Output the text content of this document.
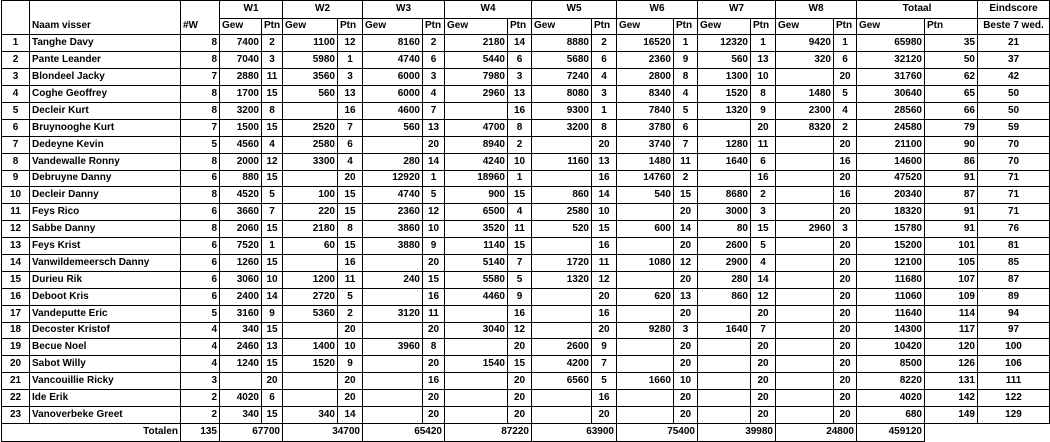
			W1		W2		W3		W4		W5		W6		W7		W8		Totaal		Eindscore
	Naam visser	#W	Gew	Ptn	Gew	Ptn	Gew	Ptn	Gew	Ptn	Gew	Ptn	Gew	Ptn	Gew	Ptn	Gew	Ptn	Gew	Ptn	Beste 7 wed.
1	Tanghe Davy	8	7400	2	1100	12	8160	2	2180	14	8880	2	16520	1	12320	1	9420	1	65980	35	21
2	Pante Leander	8	7040	3	5980	1	4740	6	5440	6	5680	6	2360	9	560	13	320	6	32120	50	37
3	Blondeel Jacky	7	2880	11	3560	3	6000	3	7980	3	7240	4	2800	8	1300	10		20	31760	62	42
4	Coghe Geoffrey	8	1700	15	560	13	6000	4	2960	13	8080	3	8340	4	1520	8	1480	5	30640	65	50
5	Decleir Kurt	8	3200	8		16	4600	7		16	9300	1	7840	5	1320	9	2300	4	28560	66	50
6	Bruynooghe Kurt	7	1500	15	2520	7	560	13	4700	8	3200	8	3780	6		20	8320	2	24580	79	59
7	Dedeyne Kevin	5	4560	4	2580	6		20	8940	2		20	3740	7	1280	11		20	21100	90	70
8	Vandewalle Ronny	8	2000	12	3300	4	280	14	4240	10	1160	13	1480	11	1640	6		16	14600	86	70
9	Debruyne Danny	6	880	15		20	12920	1	18960	1		16	14760	2		16		20	47520	91	71
10	Decleir Danny	8	4520	5	100	15	4740	5	900	15	860	14	540	15	8680	2		16	20340	87	71
11	Feys Rico	6	3660	7	220	15	2360	12	6500	4	2580	10		20	3000	3		20	18320	91	71
12	Sabbe Danny	8	2060	15	2180	8	3860	10	3520	11	520	15	600	14	80	15	2960	3	15780	91	76
13	Feys Krist	6	7520	1	60	15	3880	9	1140	15		16		20	2600	5		20	15200	101	81
14	Vanwildemeersch Danny	6	1260	15		16		20	5140	7	1720	11	1080	12	2900	4		20	12100	105	85
15	Durieu Rik	6	3060	10	1200	11	240	15	5580	5	1320	12		20	280	14		20	11680	107	87
16	Deboot Kris	6	2400	14	2720	5		16	4460	9		20	620	13	860	12		20	11060	109	89
17	Vandeputte Eric	5	3160	9	5360	2	3120	11		16		16		20		20		20	11640	114	94
18	Decoster Kristof	4	340	15		20		20	3040	12		20	9280	3	1640	7		20	14300	117	97
19	Becue Noel	4	2460	13	1400	10	3960	8		20	2600	9		20		20		20	10420	120	100
20	Sabot Willy	4	1240	15	1520	9		20	1540	15	4200	7		20		20		20	8500	126	106
21	Vancouillie Ricky	3		20		20		16		20	6560	5	1660	10		20		20	8220	131	111
22	Ide Erik	2	4020	6		20		20		20		16		20		20		20	4020	142	122
23	Vanoverbeke Greet	2	340	15	340	14		20		20		20		20		20		20	680	149	129
Totalen		135	67700		34700		65420		87220		63900		75400		39980		24800		459120		
